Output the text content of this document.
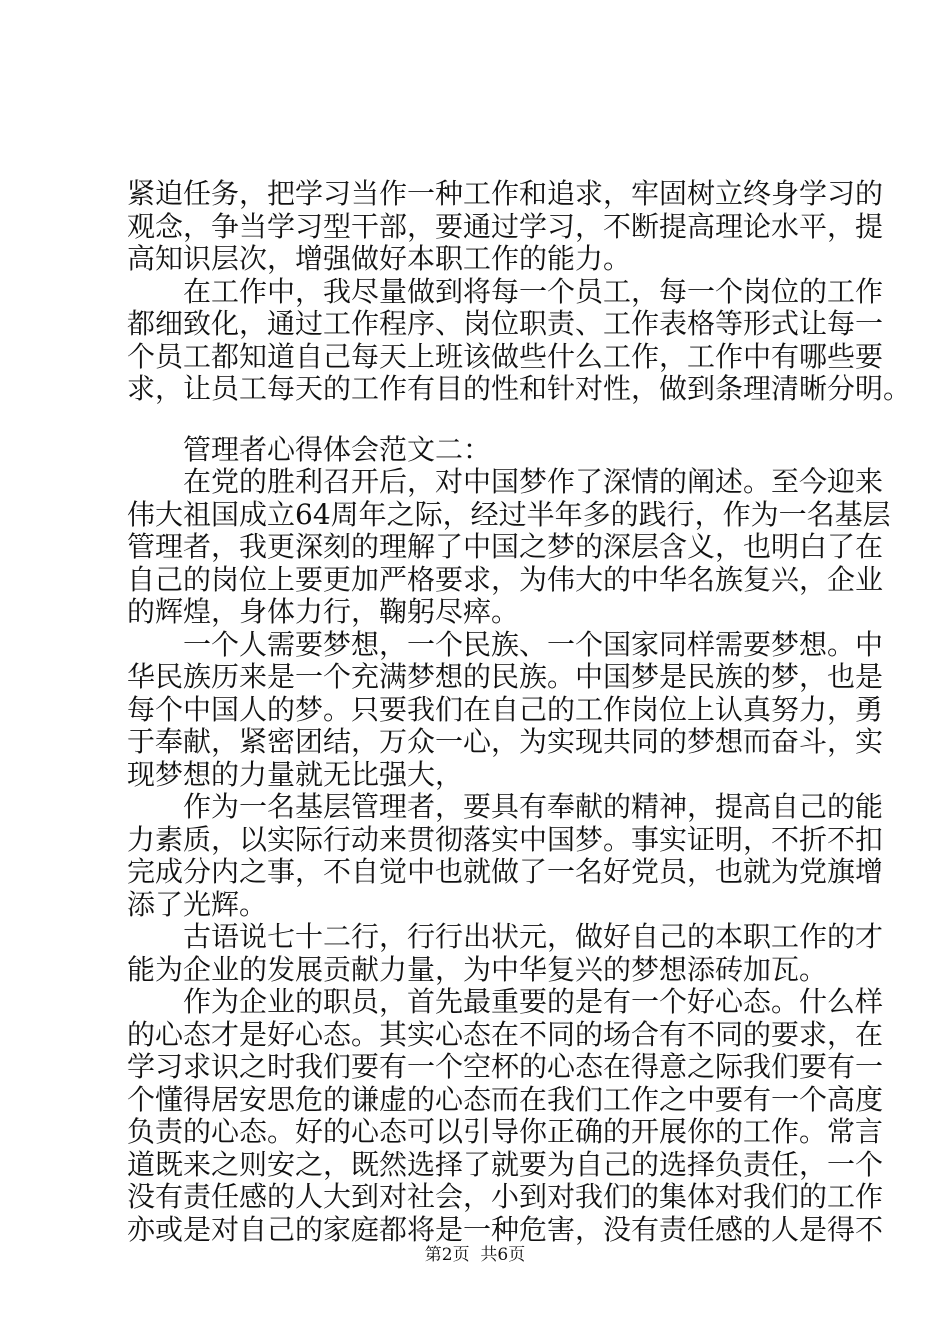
紧迫任务，把学习当作一种工作和追求，牢固树立终身学习的
观念，争当学习型干部，要通过学习，不断提高理论水平，提
高知识层次，增强做好本职工作的能力。
　　在工作中，我尽量做到将每一个员工，每一个岗位的工作
都细致化，通过工作程序、岗位职责、工作表格等形式让每一
个员工都知道自己每天上班该做些什么工作，工作中有哪些要
求，让员工每天的工作有目的性和针对性，做到条理清晰分明。
　　管理者心得体会范文二：
　　在党的胜利召开后，对中国梦作了深情的阐述。至今迎来
伟大祖国成立64周年之际，经过半年多的践行，作为一名基层
管理者，我更深刻的理解了中国之梦的深层含义，也明白了在
自己的岗位上要更加严格要求，为伟大的中华名族复兴，企业
的辉煌，身体力行，鞠躬尽瘁。
　　一个人需要梦想，一个民族、一个国家同样需要梦想。中
华民族历来是一个充满梦想的民族。中国梦是民族的梦，也是
每个中国人的梦。只要我们在自己的工作岗位上认真努力，勇
于奉献，紧密团结，万众一心，为实现共同的梦想而奋斗，实
现梦想的力量就无比强大，
　　作为一名基层管理者，要具有奉献的精神，提高自己的能
力素质，以实际行动来贯彻落实中国梦。事实证明，不折不扣
完成分内之事，不自觉中也就做了一名好党员，也就为党旗增
添了光辉。
　　古语说七十二行，行行出状元，做好自己的本职工作的才
能为企业的发展贡献力量，为中华复兴的梦想添砖加瓦。
　　作为企业的职员，首先最重要的是有一个好心态。什么样
的心态才是好心态。其实心态在不同的场合有不同的要求，在
学习求识之时我们要有一个空杯的心态在得意之际我们要有一
个懂得居安思危的谦虚的心态而在我们工作之中要有一个高度
负责的心态。好的心态可以引导你正确的开展你的工作。常言
道既来之则安之，既然选择了就要为自己的选择负责任，一个
没有责任感的人大到对社会，小到对我们的集体对我们的工作
亦或是对自己的家庭都将是一种危害，没有责任感的人是得不
第2页  共6页
